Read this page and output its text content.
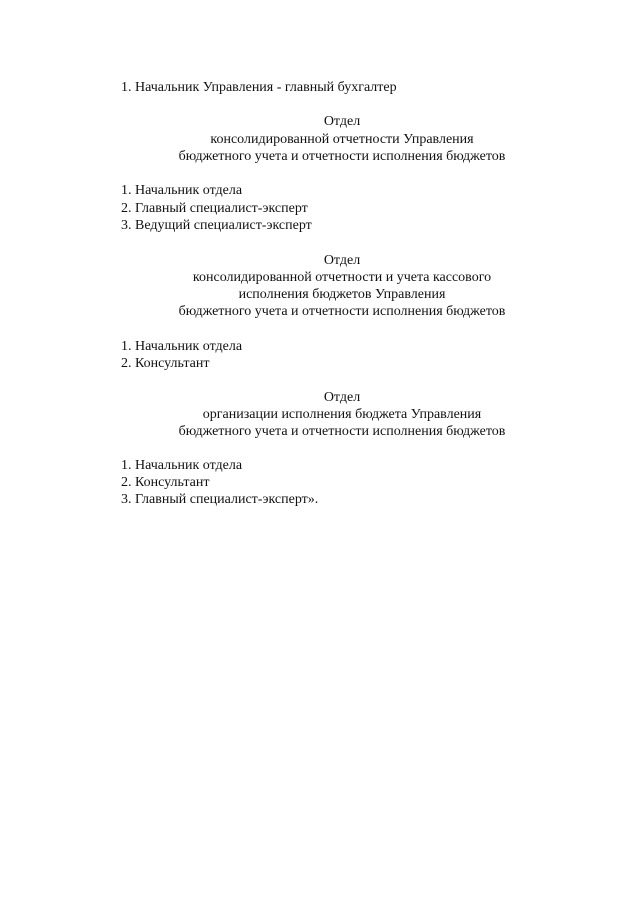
1. Начальник Управления - главный бухгалтер
Отдел
консолидированной отчетности Управления
бюджетного учета и отчетности исполнения бюджетов
1. Начальник отдела
2. Главный специалист-эксперт
3. Ведущий специалист-эксперт
Отдел
консолидированной отчетности и учета кассового
исполнения бюджетов Управления
бюджетного учета и отчетности исполнения бюджетов
1. Начальник отдела
2. Консультант
Отдел
организации исполнения бюджета Управления
бюджетного учета и отчетности исполнения бюджетов
1. Начальник отдела
2. Консультант
3. Главный специалист-эксперт».
